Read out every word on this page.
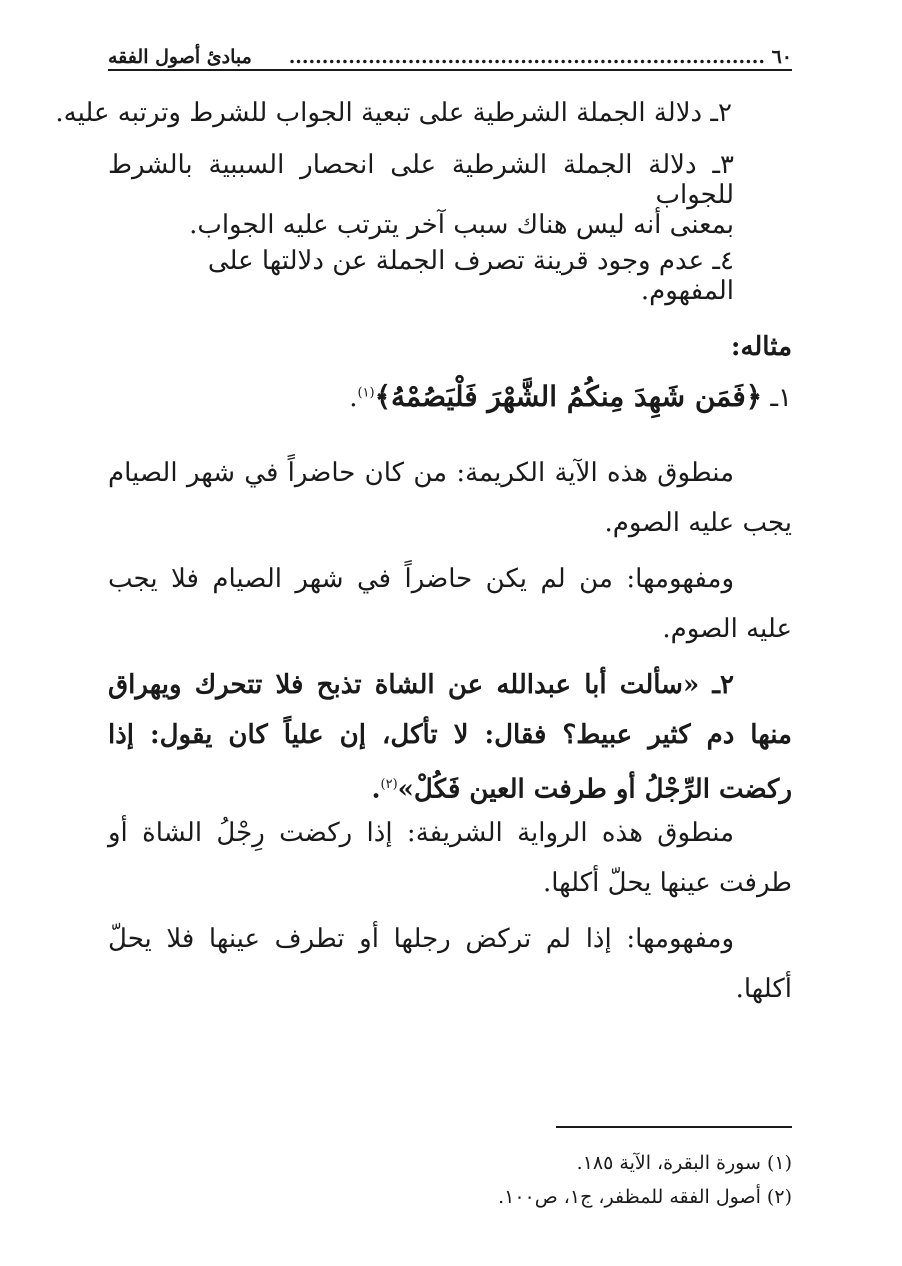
٦٠ ........................................................................
مبادئ أصول الفقه
٢ـ دلالة الجملة الشرطية على تبعية الجواب للشرط وترتبه عليه.
٣ـ دلالة الجملة الشرطية على انحصار السببية بالشرط للجواب
بمعنى أنه ليس هناك سبب آخر يترتب عليه الجواب.
٤ـ عدم وجود قرينة تصرف الجملة عن دلالتها على المفهوم.
مثاله:
١ـ ﴿فَمَن شَهِدَ مِنكُمُ الشَّهْرَ فَلْيَصُمْهُ﴾$^{(١)}$.
منطوق هذه الآية الكريمة: من كان حاضراً في شهر الصيام يجب عليه الصوم.
ومفهومها: من لم يكن حاضراً في شهر الصيام فلا يجب عليه الصوم.
٢ـ «سألت أبا عبدالله عن الشاة تذبح فلا تتحرك ويهراق منها دم كثير عبيط؟ فقال: لا تأكل، إن علياً كان يقول: إذا ركضت الرِّجْلُ أو طرفت العين فَكُلْ»$^{(٢)}$.
منطوق هذه الرواية الشريفة: إذا ركضت رِجْلُ الشاة أو طرفت عينها يحلّ أكلها.
ومفهومها: إذا لم تركض رجلها أو تطرف عينها فلا يحلّ أكلها.
(١) سورة البقرة، الآية ١٨٥.
(٢) أصول الفقه للمظفر، ج١، ص١٠٠.
